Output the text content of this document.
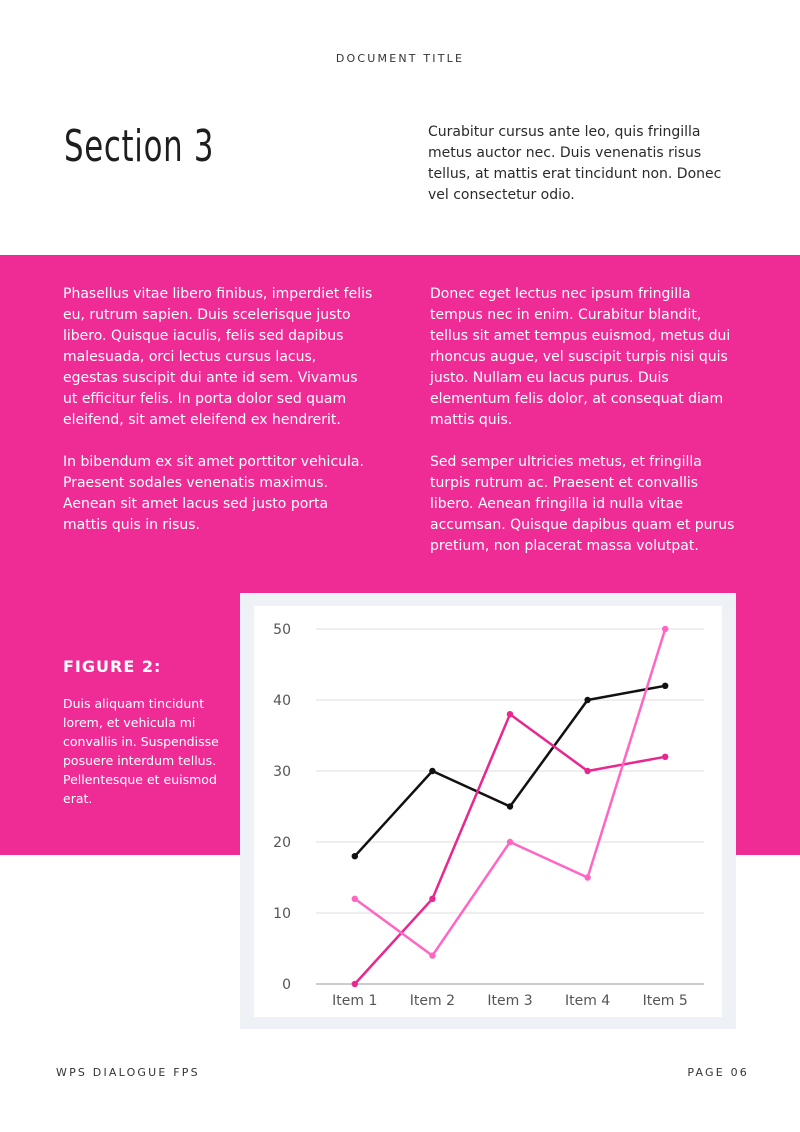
DOCUMENT TITLE
Section 3	Curabitur cursus ante leo, quis fringilla metus auctor nec. Duis venenatis risus tellus, at mattis erat tincidunt non. Donec vel consectetur odio.

Phasellus vitae libero finibus, imperdiet felis eu, rutrum sapien. Duis scelerisque justo libero. Quisque iaculis, felis sed dapibus malesuada, orci lectus cursus lacus, egestas suscipit dui ante id sem. Vivamus ut efficitur felis. In porta dolor sed quam eleifend, sit amet eleifend ex hendrerit.

In bibendum ex sit amet porttitor vehicula. Praesent sodales venenatis maximus. Aenean sit amet lacus sed justo porta mattis quis in risus.

Donec eget lectus nec ipsum fringilla tempus nec in enim. Curabitur blandit, tellus sit amet tempus euismod, metus dui rhoncus augue, vel suscipit turpis nisi quis justo. Nullam eu lacus purus. Duis elementum felis dolor, at consequat diam mattis quis.

Sed semper ultricies metus, et fringilla turpis rutrum ac. Praesent et convallis libero. Aenean fringilla id nulla vitae accumsan. Quisque dapibus quam et purus pretium, non placerat massa volutpat.

FIGURE 2:

Duis aliquam tincidunt lorem, et vehicula mi convallis in. Suspendisse posuere interdum tellus. Pellentesque et euismod erat.

0
10
20
30
40
50
Item 1 Item 2 Item 3 Item 4 Item 5
WPS DIALOGUE FPS	PAGE 06
